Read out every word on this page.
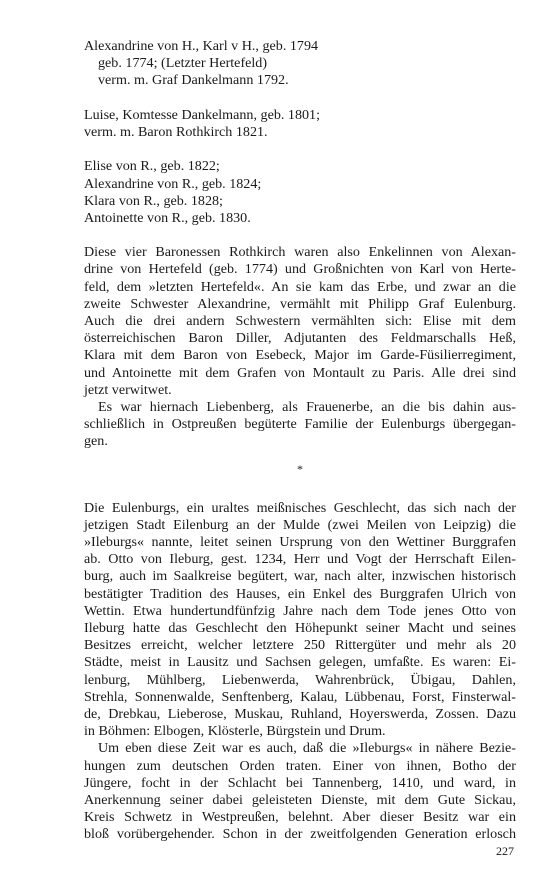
Alexandrine von H., Karl v H., geb. 1794
geb. 1774; (Letzter Hertefeld)
verm. m. Graf Dankelmann 1792.
Luise, Komtesse Dankelmann, geb. 1801;
verm. m. Baron Rothkirch 1821.
Elise von R., geb. 1822;
Alexandrine von R., geb. 1824;
Klara von R., geb. 1828;
Antoinette von R., geb. 1830.
Diese vier Baronessen Rothkirch waren also Enkelinnen von Alexan-
drine von Hertefeld (geb. 1774) und Großnichten von Karl von Herte-
feld, dem »letzten Hertefeld«. An sie kam das Erbe, und zwar an die
zweite Schwester Alexandrine, vermählt mit Philipp Graf Eulenburg.
Auch die drei andern Schwestern vermählten sich: Elise mit dem
österreichischen Baron Diller, Adjutanten des Feldmarschalls Heß,
Klara mit dem Baron von Esebeck, Major im Garde-Füsilierregiment,
und Antoinette mit dem Grafen von Montault zu Paris. Alle drei sind
jetzt verwitwet.
Es war hiernach Liebenberg, als Frauenerbe, an die bis dahin aus-
schließlich in Ostpreußen begüterte Familie der Eulenburgs übergegan-
gen.
*
Die Eulenburgs, ein uraltes meißnisches Geschlecht, das sich nach der
jetzigen Stadt Eilenburg an der Mulde (zwei Meilen von Leipzig) die
»Ileburgs« nannte, leitet seinen Ursprung von den Wettiner Burggrafen
ab. Otto von Ileburg, gest. 1234, Herr und Vogt der Herrschaft Eilen-
burg, auch im Saalkreise begütert, war, nach alter, inzwischen historisch
bestätigter Tradition des Hauses, ein Enkel des Burggrafen Ulrich von
Wettin. Etwa hundertundfünfzig Jahre nach dem Tode jenes Otto von
Ileburg hatte das Geschlecht den Höhepunkt seiner Macht und seines
Besitzes erreicht, welcher letztere 250 Rittergüter und mehr als 20
Städte, meist in Lausitz und Sachsen gelegen, umfaßte. Es waren: Ei-
lenburg, Mühlberg, Liebenwerda, Wahrenbrück, Übigau, Dahlen,
Strehla, Sonnenwalde, Senftenberg, Kalau, Lübbenau, Forst, Finsterwal-
de, Drebkau, Lieberose, Muskau, Ruhland, Hoyerswerda, Zossen. Dazu
in Böhmen: Elbogen, Klösterle, Bürgstein und Drum.
Um eben diese Zeit war es auch, daß die »Ileburgs« in nähere Bezie-
hungen zum deutschen Orden traten. Einer von ihnen, Botho der
Jüngere, focht in der Schlacht bei Tannenberg, 1410, und ward, in
Anerkennung seiner dabei geleisteten Dienste, mit dem Gute Sickau,
Kreis Schwetz in Westpreußen, belehnt. Aber dieser Besitz war ein
bloß vorübergehender. Schon in der zweitfolgenden Generation erlosch
227
